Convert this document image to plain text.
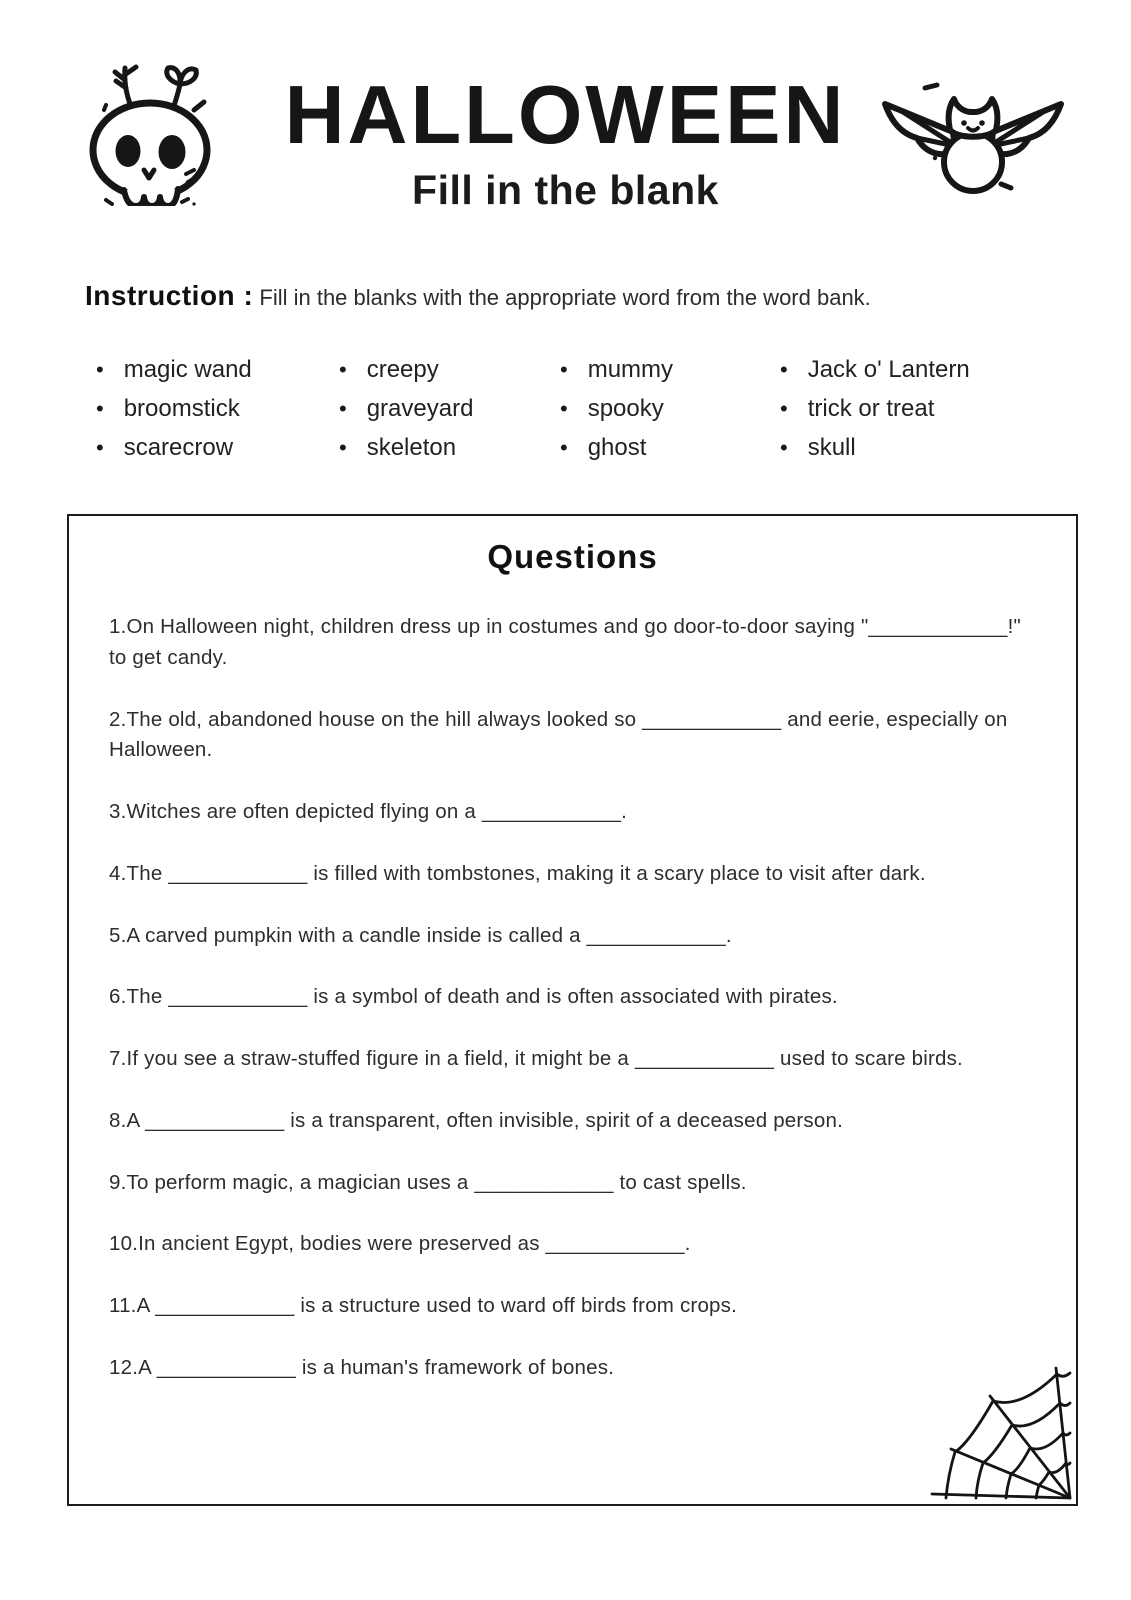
HALLOWEEN
Fill in the blank
Instruction : Fill in the blanks with the appropriate word from the word bank.
• magic wand
• broomstick
• scarecrow
• creepy
• graveyard
• skeleton
• mummy
• spooky
• ghost
• Jack o' Lantern
• trick or treat
• skull
Questions

1.On Halloween night, children dress up in costumes and go door-to-door saying "____________!" to get candy.

2.The old, abandoned house on the hill always looked so ____________ and eerie, especially on Halloween.

3.Witches are often depicted flying on a ____________.

4.The ____________ is filled with tombstones, making it a scary place to visit after dark.

5.A carved pumpkin with a candle inside is called a ____________.

6.The ____________ is a symbol of death and is often associated with pirates.

7.If you see a straw-stuffed figure in a field, it might be a ____________ used to scare birds.

8.A ____________ is a transparent, often invisible, spirit of a deceased person.

9.To perform magic, a magician uses a ____________ to cast spells.

10.In ancient Egypt, bodies were preserved as ____________.

11.A ____________ is a structure used to ward off birds from crops.

12.A ____________ is a human's framework of bones.
